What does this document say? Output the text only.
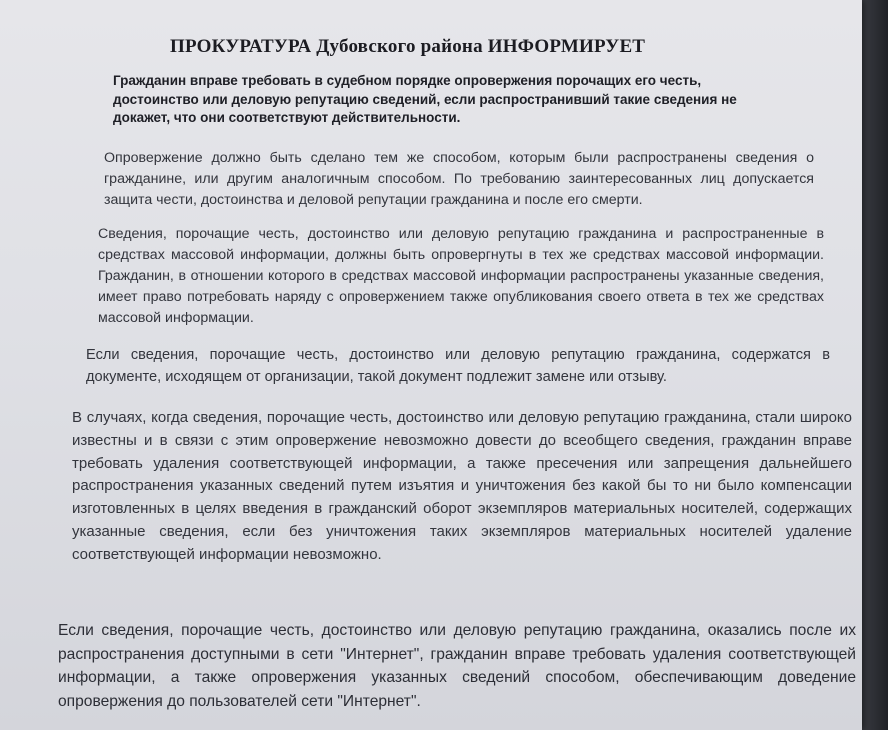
ПРОКУРАТУРА Дубовского района ИНФОРМИРУЕТ
Гражданин вправе требовать в судебном порядке опровержения порочащих его честь, достоинство или деловую репутацию сведений, если распространивший такие сведения не докажет, что они соответствуют действительности.
Опровержение должно быть сделано тем же способом, которым были распространены сведения о гражданине, или другим аналогичным способом. По требованию заинтересованных лиц допускается защита чести, достоинства и деловой репутации гражданина и после его смерти.
Сведения, порочащие честь, достоинство или деловую репутацию гражданина и распространенные в средствах массовой информации, должны быть опровергнуты в тех же средствах массовой информации. Гражданин, в отношении которого в средствах массовой информации распространены указанные сведения, имеет право потребовать наряду с опровержением также опубликования своего ответа в тех же средствах массовой информации.
Если сведения, порочащие честь, достоинство или деловую репутацию гражданина, содержатся в документе, исходящем от организации, такой документ подлежит замене или отзыву.
В случаях, когда сведения, порочащие честь, достоинство или деловую репутацию гражданина, стали широко известны и в связи с этим опровержение невозможно довести до всеобщего сведения, гражданин вправе требовать удаления соответствующей информации, а также пресечения или запрещения дальнейшего распространения указанных сведений путем изъятия и уничтожения без какой бы то ни было компенсации изготовленных в целях введения в гражданский оборот экземпляров материальных носителей, содержащих указанные сведения, если без уничтожения таких экземпляров материальных носителей удаление соответствующей информации невозможно.
Если сведения, порочащие честь, достоинство или деловую репутацию гражданина, оказались после их распространения доступными в сети "Интернет", гражданин вправе требовать удаления соответствующей информации, а также опровержения указанных сведений способом, обеспечивающим доведение опровержения до пользователей сети "Интернет".
